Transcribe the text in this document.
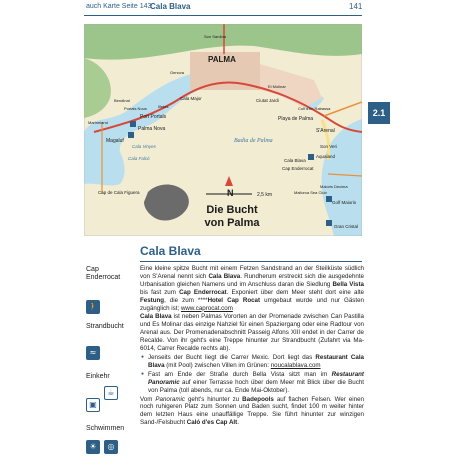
auch Karte Seite 143
Cala Blava	141
N	2,5 km
Die Bucht
von Palma
Badia de Palma
PALMA
Port Portals
Palma Nova
Magaluf
Cala Vinyes
Cala Falcó
Cala Major	Ciutat Jardi
Playa de Palma
S'Arenal
Cala Blava
Cap Enderrocat
Son Veri
Aqualand
Cap de Cala Figuera
Gran Cristal
Mallorca Sea Club
Golf Maioris
Maioris Decima
Coll d'en Rabassa
El Molinar
Son Sardina
Genova
Illetes
Portals Nous
Bendinat
Marineland
2.1
Cala Blava
Cap
Enderrocat
🚶
Strandbucht
≈
Einkehr
☕
▣
Schwimmen
☀	◎

Eine kleine spitze Bucht mit einem Fetzen Sandstrand an der Steilküste südlich von S'Arenal nennt sich Cala Blava. Rundherum erstreckt sich die ausgedehnte Urbanisation gleichen Namens und im Anschluss daran die Siedlung Bella Vista bis fast zum Cap Enderrocat. Exponiert über dem Meer steht dort eine alte Festung, die zum ****Hotel Cap Rocat umgebaut wurde und nur Gästen zugänglich ist; www.caprocat.com

Cala Blava ist neben Palmas Vororten an der Promenade zwischen Can Pastilla und Es Molinar das einzige Nahziel für einen Spaziergang oder eine Radtour von Arenal aus. Der Promenadenabschnitt Passeig Alfons XIII endet in der Carrer de Recalde. Von ihr geht's eine Treppe hinunter zur Strandbucht (Zufahrt via Ma-6014, Carrer Recalde rechts ab).

● Jenseits der Bucht liegt die Carrer Mexic. Dort liegt das Restaurant Cala Blava (mit Pool) zwischen Villen im Grünen: noucalablava.com
● Fast am Ende der Straße durch Bella Vista sitzt man im Restaurant Panoramic auf einer Terrasse hoch über dem Meer mit Blick über die Bucht von Palma (toll abends, nur ca. Ende Mai-Oktober).

Vom Panoramic geht's hinunter zu Badepools auf flachen Felsen. Wer einen noch ruhigeren Platz zum Sonnen und Baden sucht, findet 100 m weiter hinter dem letzten Haus eine unauffällige Treppe. Sie führt hinunter zur winzigen Sand-/Felsbucht Caló d'es Cap Alt.
